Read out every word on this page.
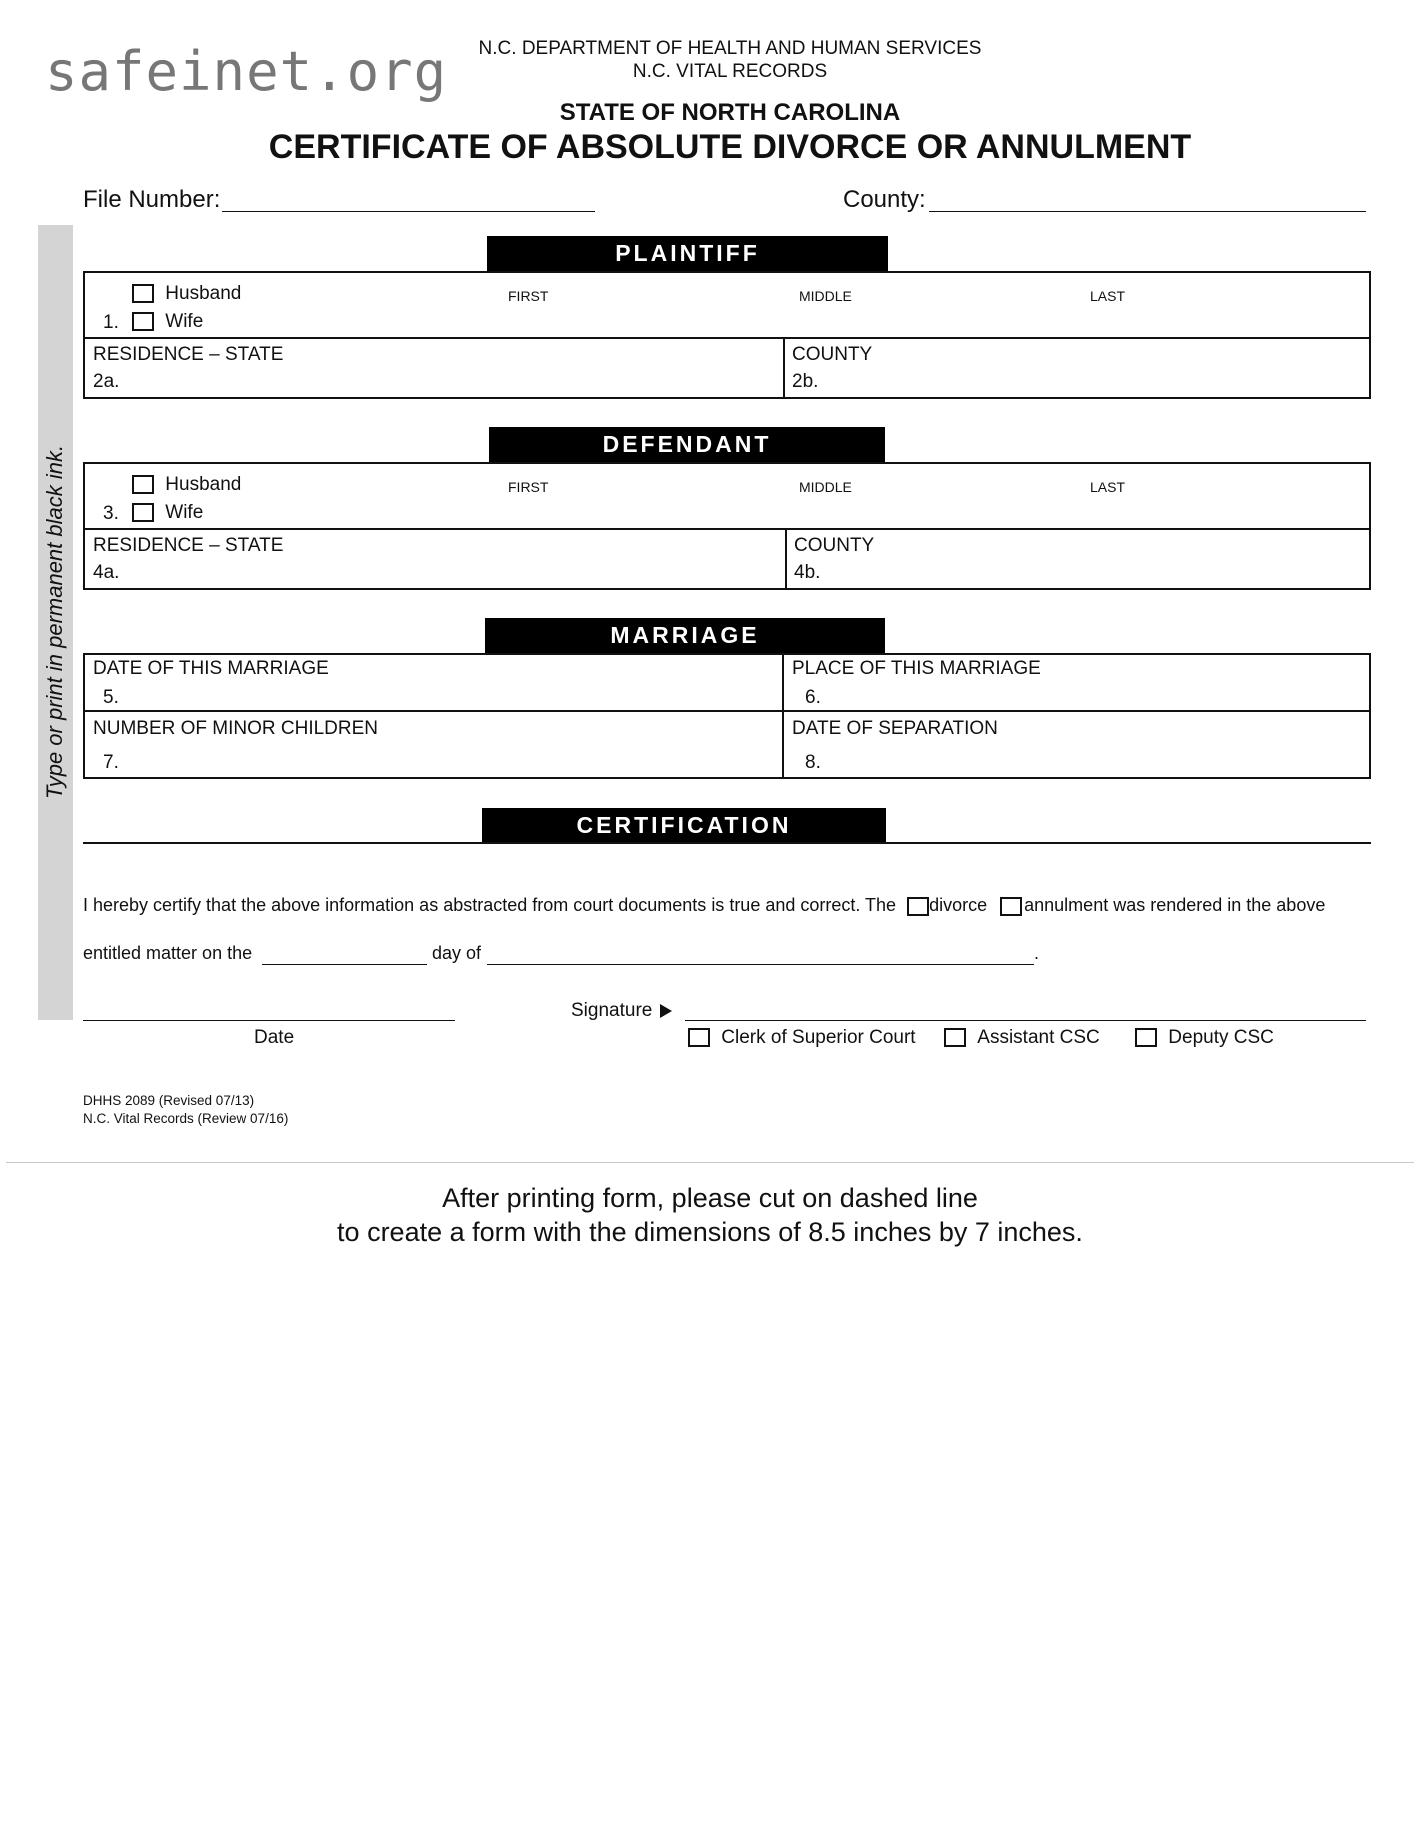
safeinet.org	N.C. DEPARTMENT OF HEALTH AND HUMAN SERVICES
N.C. VITAL RECORDS
STATE OF NORTH CAROLINA
CERTIFICATE OF ABSOLUTE DIVORCE OR ANNULMENT
File Number:	County:
Type or print in permanent black ink.
PLAINTIFF
Husband
1.	Wife
FIRST	MIDDLE	LAST
RESIDENCE – STATE
2a.
COUNTY
2b.
DEFENDANT
Husband
3.	Wife
FIRST	MIDDLE	LAST
RESIDENCE – STATE
4a.
COUNTY
4b.
MARRIAGE
DATE OF THIS MARRIAGE
5.
PLACE OF THIS MARRIAGE
6.
NUMBER OF MINOR CHILDREN
7.
DATE OF SEPARATION
8.
CERTIFICATION
I hereby certify that the above information as abstracted from court documents is true and correct. The divorce annulment was rendered in the above
entitled matter on the	day of	.
Date
Signature
Clerk of Superior Court	Assistant CSC	Deputy CSC
DHHS 2089 (Revised 07/13)
N.C. Vital Records (Review 07/16)
After printing form, please cut on dashed line
to create a form with the dimensions of 8.5 inches by 7 inches.
